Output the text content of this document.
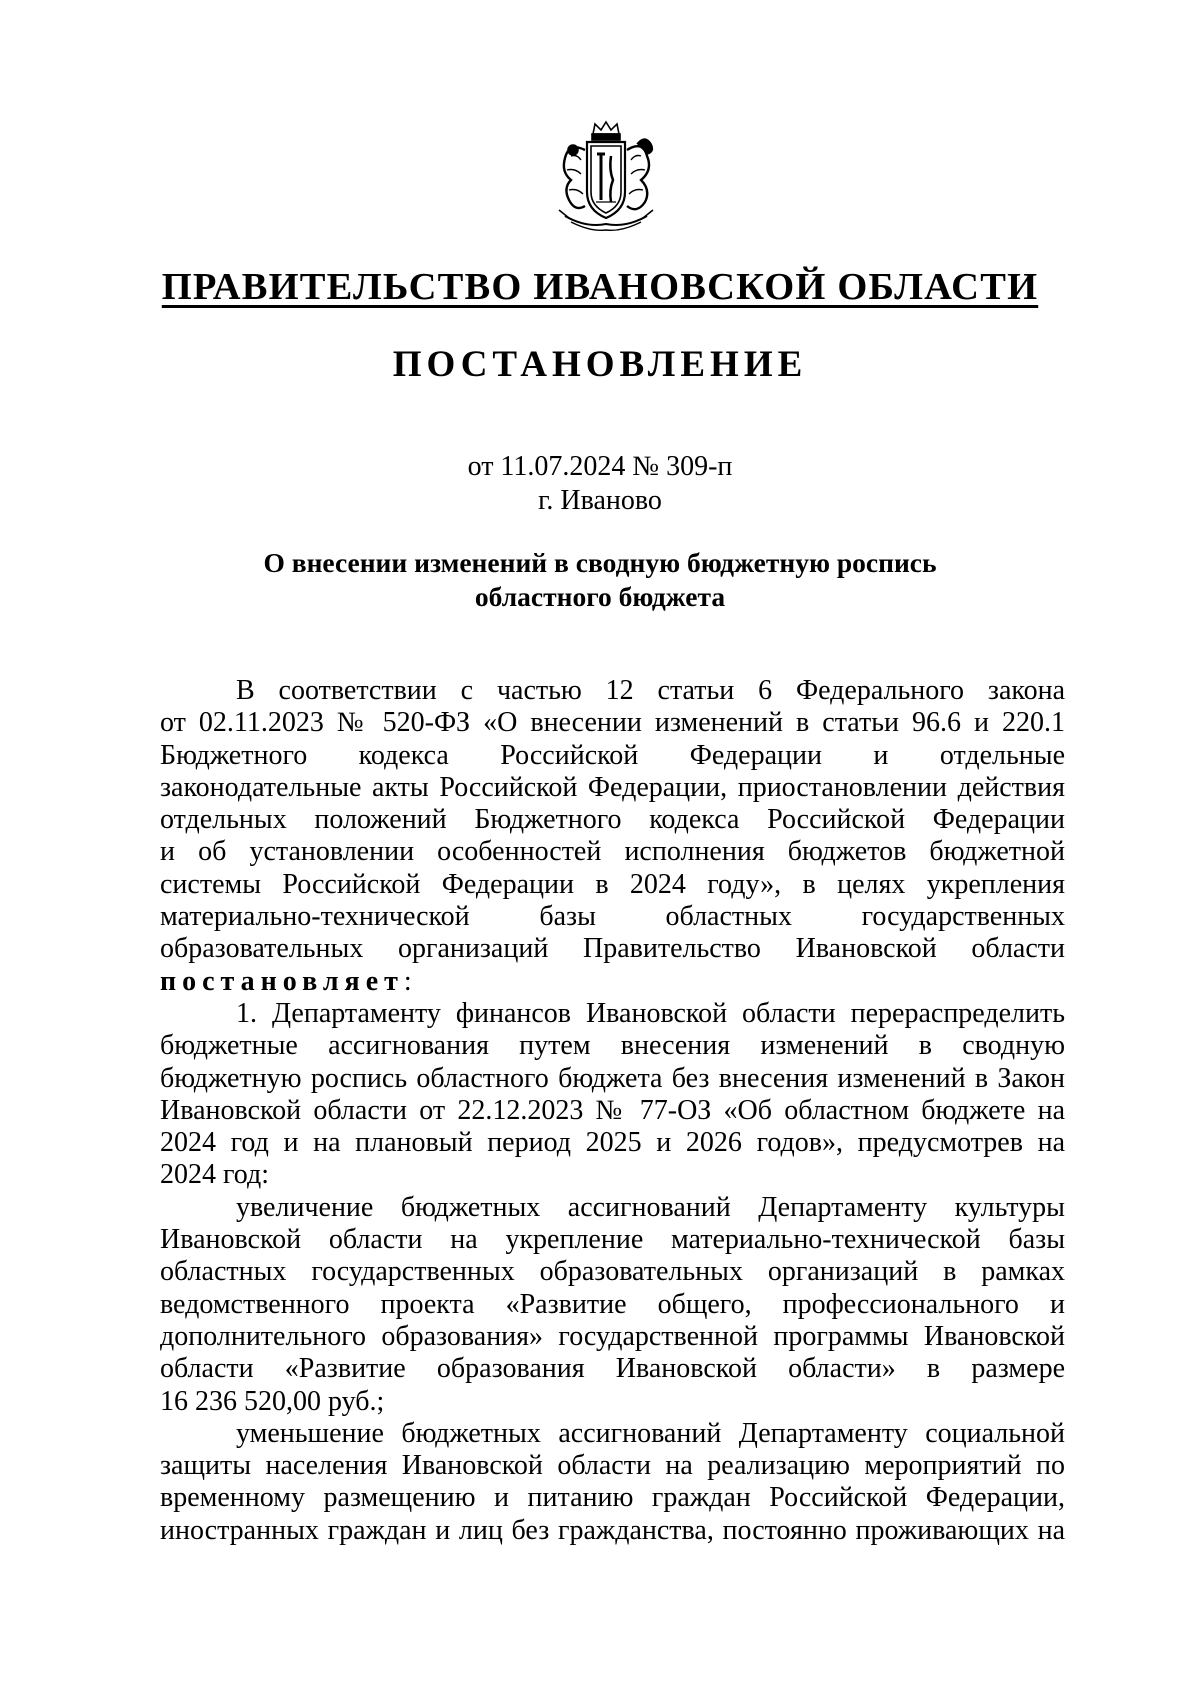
ПРАВИТЕЛЬСТВО ИВАНОВСКОЙ ОБЛАСТИ
ПОСТАНОВЛЕНИЕ
от 11.07.2024 № 309-п
г. Иваново
О внесении изменений в сводную бюджетную роспись
областного бюджета
В соответствии с частью 12 статьи 6 Федерального закона
от 02.11.2023 № 520-ФЗ «О внесении изменений в статьи 96.6 и 220.1
Бюджетного кодекса Российской Федерации и отдельные
законодательные акты Российской Федерации, приостановлении действия
отдельных положений Бюджетного кодекса Российской Федерации
и об установлении особенностей исполнения бюджетов бюджетной
системы Российской Федерации в 2024 году», в целях укрепления
материально-технической базы областных государственных
образовательных организаций Правительство Ивановской области
постановляет:
1. Департаменту финансов Ивановской области перераспределить
бюджетные ассигнования путем внесения изменений в сводную
бюджетную роспись областного бюджета без внесения изменений в Закон
Ивановской области от 22.12.2023 № 77-ОЗ «Об областном бюджете на
2024 год и на плановый период 2025 и 2026 годов», предусмотрев на
2024 год:
увеличение бюджетных ассигнований Департаменту культуры
Ивановской области на укрепление материально-технической базы
областных государственных образовательных организаций в рамках
ведомственного проекта «Развитие общего, профессионального и
дополнительного образования» государственной программы Ивановской
области «Развитие образования Ивановской области» в размере
16 236 520,00 руб.;
уменьшение бюджетных ассигнований Департаменту социальной
защиты населения Ивановской области на реализацию мероприятий по
временному размещению и питанию граждан Российской Федерации,
иностранных граждан и лиц без гражданства, постоянно проживающих на
